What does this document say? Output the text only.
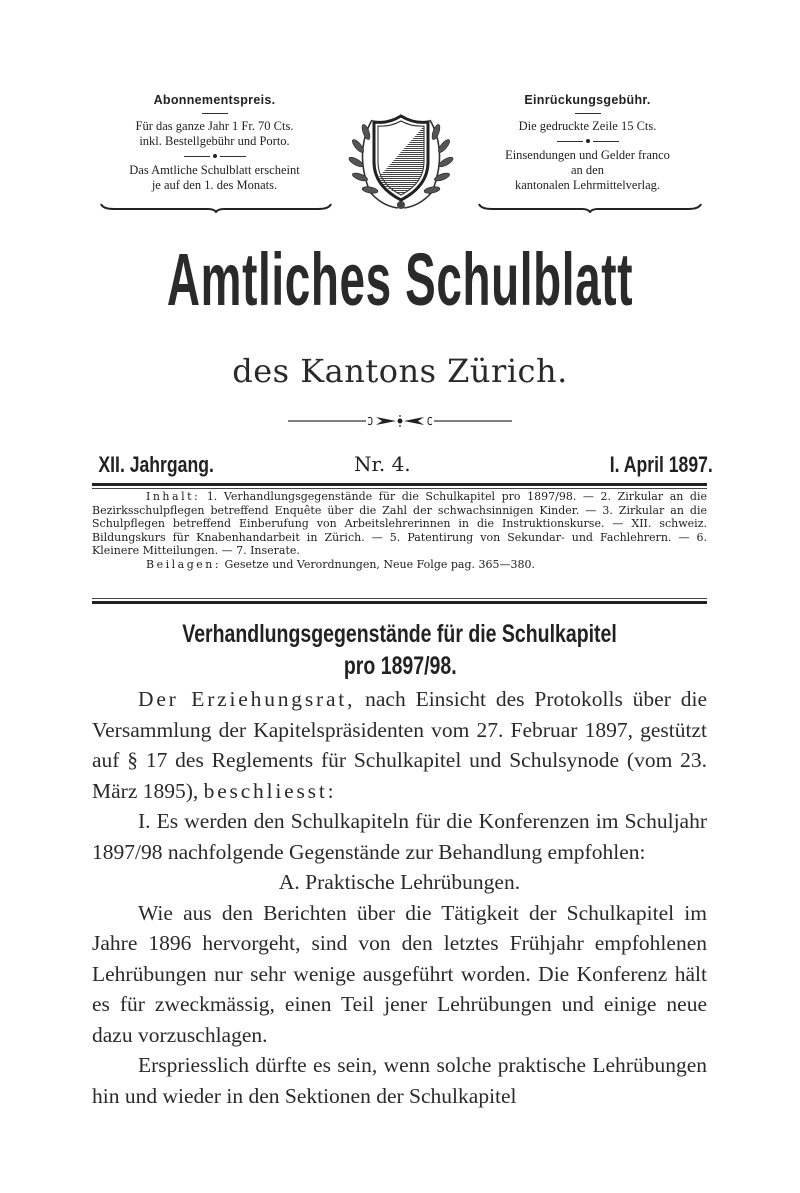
Abonnementspreis.
Für das ganze Jahr 1 Fr. 70 Cts.
inkl. Bestellgebühr und Porto.
Das Amtliche Schulblatt erscheint
je auf den 1. des Monats.
Einrückungsgebühr.
Die gedruckte Zeile 15 Cts.
Einsendungen und Gelder franco
an den
kantonalen Lehrmittelverlag.
Amtliches Schulblatt
des Kantons Zürich.
XII. Jahrgang.	Nr. 4.	I. April 1897.
Inhalt: 1. Verhandlungsgegenstände für die Schulkapitel pro 1897/98. — 2. Zirkular an die Bezirksschulpflegen betreffend Enquête über die Zahl der schwachsinnigen Kinder. — 3. Zirkular an die Schulpflegen betreffend Einberufung von Arbeitslehrerinnen in die Instruktionskurse. — XII. schweiz. Bildungskurs für Knabenhandarbeit in Zürich. — 5. Patentirung von Sekundar- und Fachlehrern. — 6. Kleinere Mitteilungen. — 7. Inserate.
Beilagen: Gesetze und Verordnungen, Neue Folge pag. 365—380.
Verhandlungsgegenstände für die Schulkapitel
pro 1897/98.

Der Erziehungsrat, nach Einsicht des Protokolls über die Versammlung der Kapitelspräsidenten vom 27. Februar 1897, gestützt auf § 17 des Reglements für Schulkapitel und Schulsynode (vom 23. März 1895), beschliesst:

I. Es werden den Schulkapiteln für die Konferenzen im Schuljahr 1897/98 nachfolgende Gegenstände zur Behandlung empfohlen:

A. Praktische Lehrübungen.

Wie aus den Berichten über die Tätigkeit der Schulkapitel im Jahre 1896 hervorgeht, sind von den letztes Frühjahr empfohlenen Lehrübungen nur sehr wenige ausgeführt worden. Die Konferenz hält es für zweckmässig, einen Teil jener Lehrübungen und einige neue dazu vorzuschlagen.

Erspriesslich dürfte es sein, wenn solche praktische Lehrübungen hin und wieder in den Sektionen der Schulkapitel
